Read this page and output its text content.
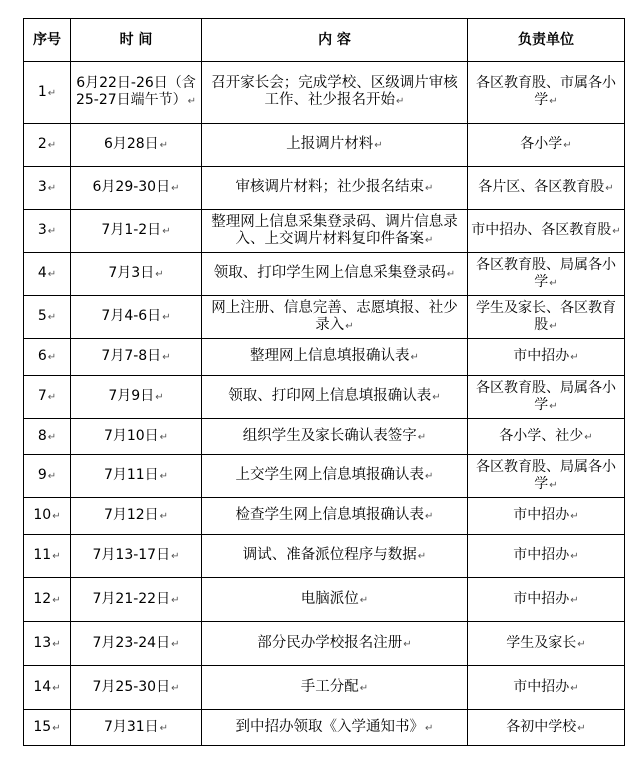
序号	时 间	内 容	负责单位
1↵	6月22日-26日（含25-27日端午节）↵	召开家长会；完成学校、区级调片审核工作、社少报名开始↵	各区教育股、市属各小学↵
2↵	6月28日↵	上报调片材料↵	各小学↵
3↵	6月29-30日↵	审核调片材料；社少报名结束↵	各片区、各区教育股↵
3↵	7月1-2日↵	整理网上信息采集登录码、调片信息录入、上交调片材料复印件备案↵	市中招办、各区教育股↵
4↵	7月3日↵	领取、打印学生网上信息采集登录码↵	各区教育股、局属各小学↵
5↵	7月4-6日↵	网上注册、信息完善、志愿填报、社少录入↵	学生及家长、各区教育股↵
6↵	7月7-8日↵	整理网上信息填报确认表↵	市中招办↵
7↵	7月9日↵	领取、打印网上信息填报确认表↵	各区教育股、局属各小学↵
8↵	7月10日↵	组织学生及家长确认表签字↵	各小学、社少↵
9↵	7月11日↵	上交学生网上信息填报确认表↵	各区教育股、局属各小学↵
10↵	7月12日↵	检查学生网上信息填报确认表↵	市中招办↵
11↵	7月13-17日↵	调试、准备派位程序与数据↵	市中招办↵
12↵	7月21-22日↵	电脑派位↵	市中招办↵
13↵	7月23-24日↵	部分民办学校报名注册↵	学生及家长↵
14↵	7月25-30日↵	手工分配↵	市中招办↵
15↵	7月31日↵	到中招办领取《入学通知书》↵	各初中学校↵
